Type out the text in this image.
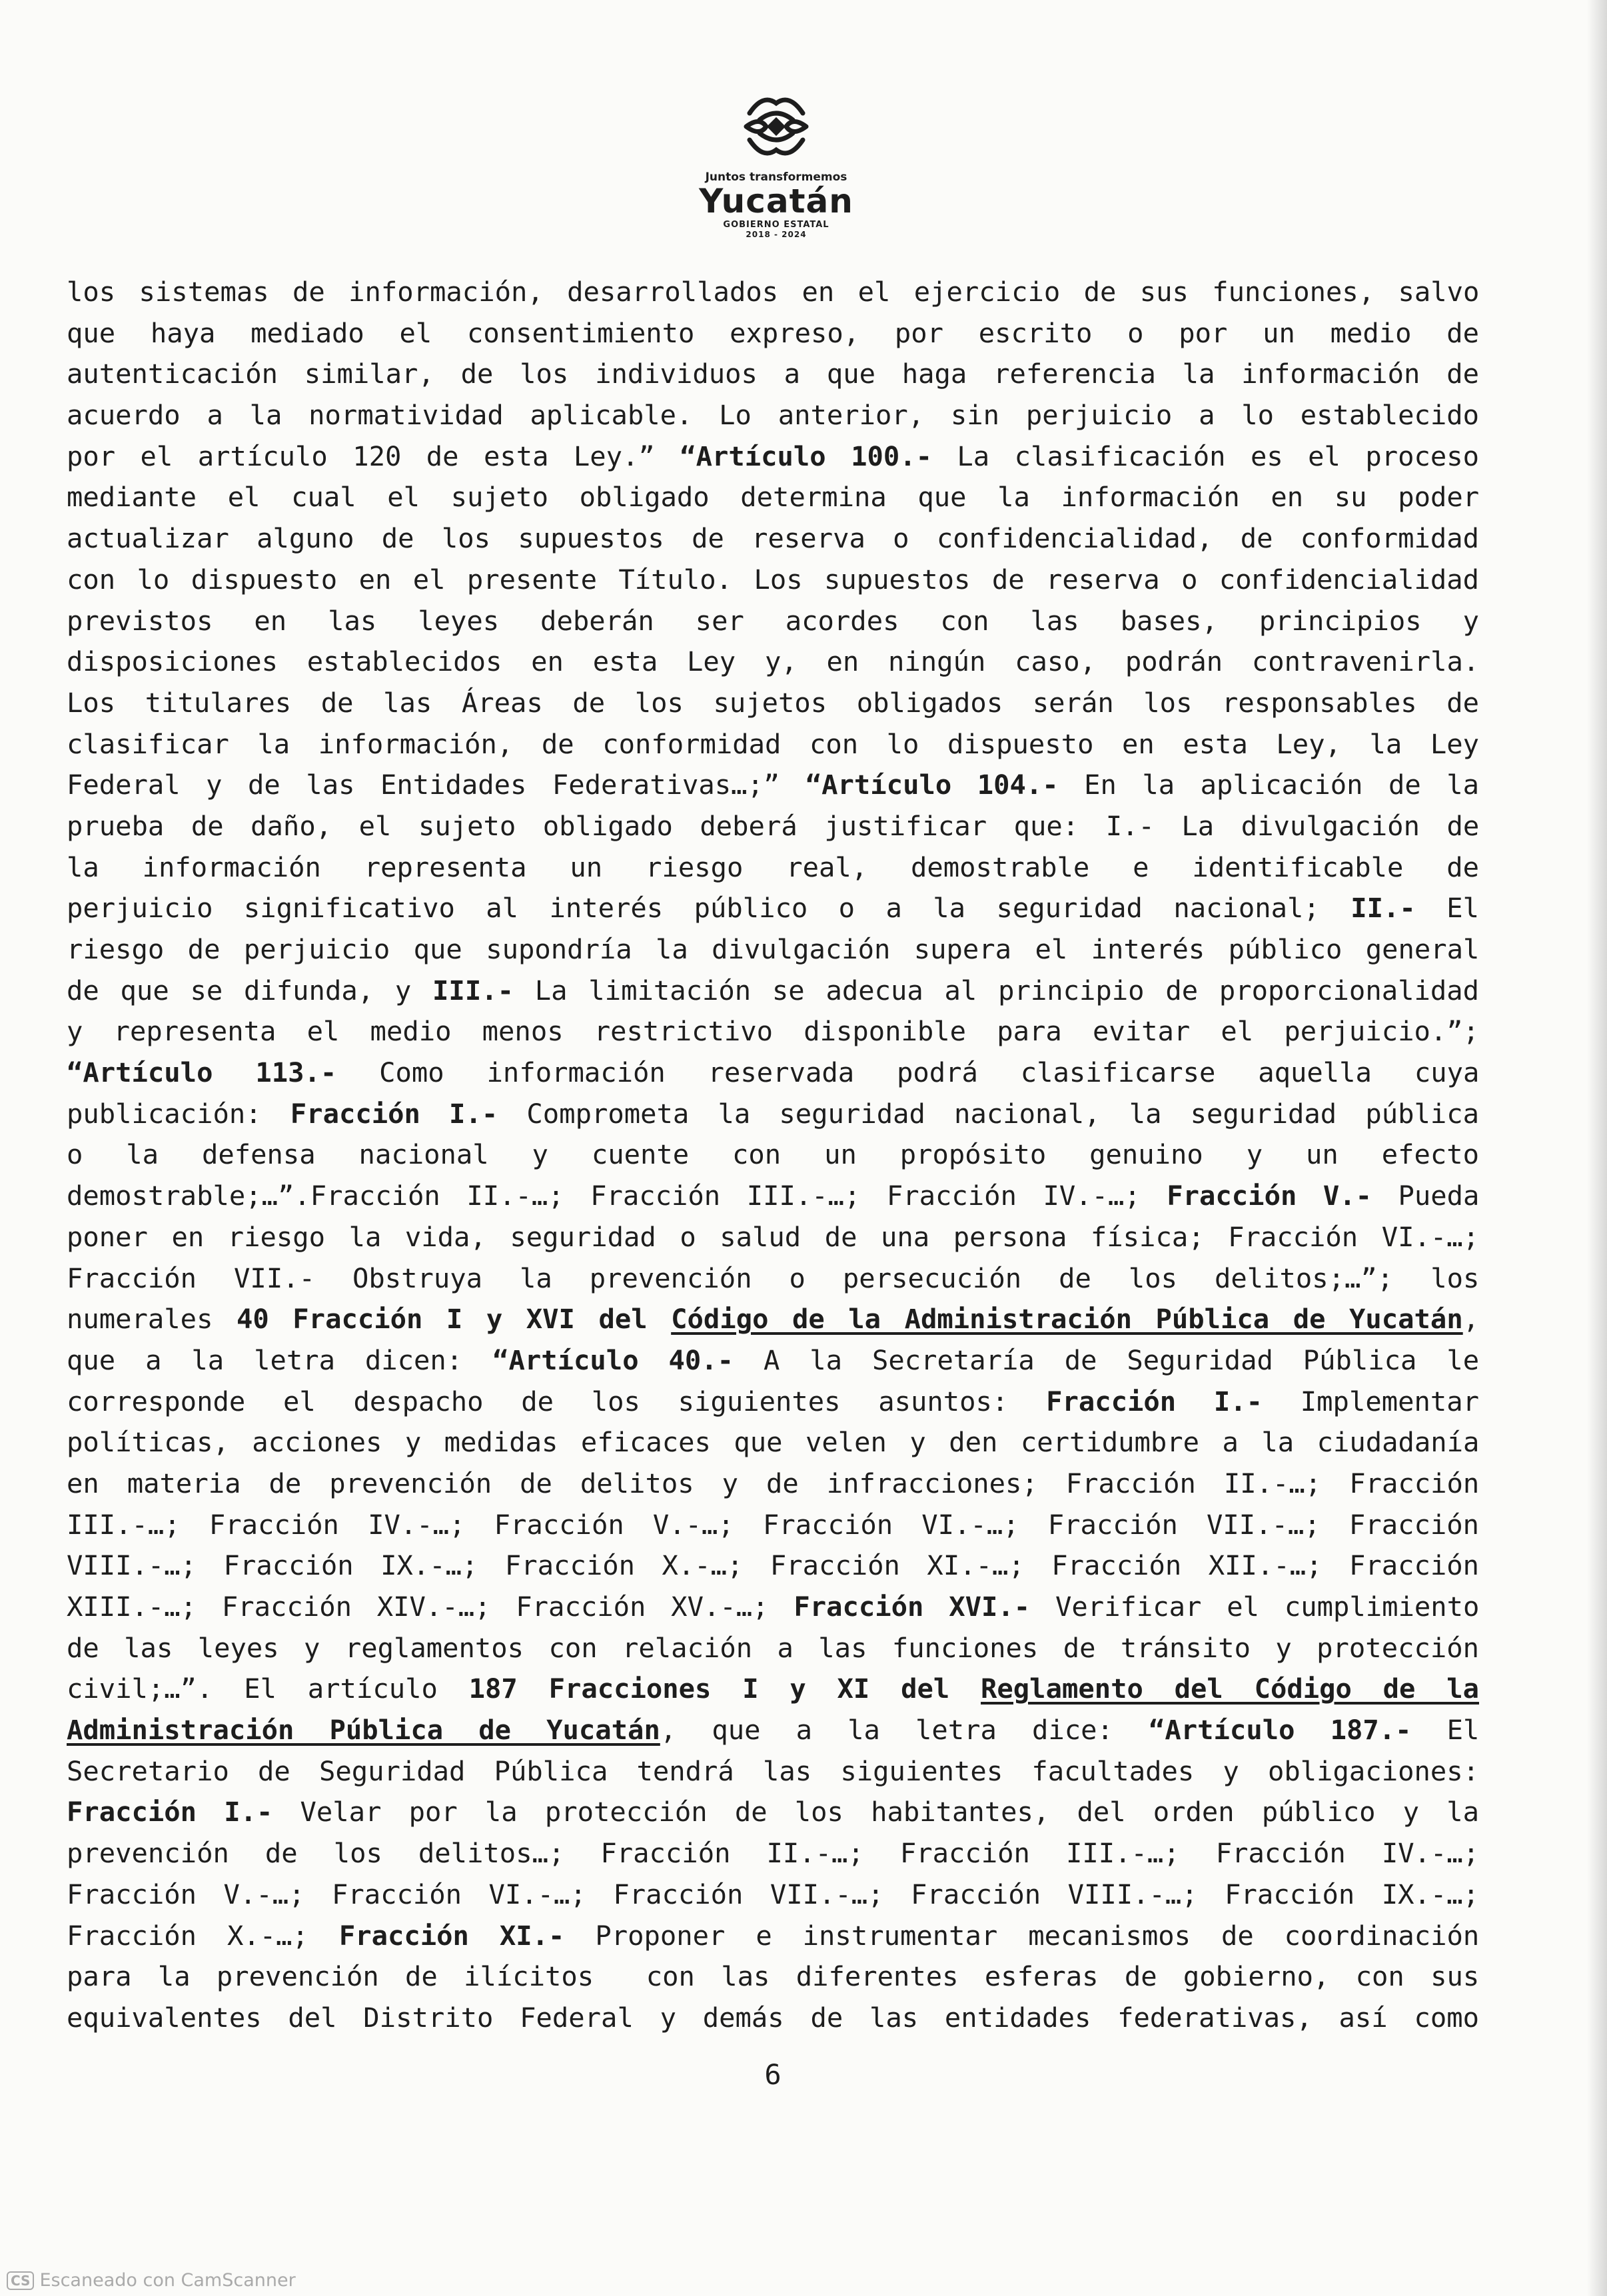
Juntos transformemos
Yucatán
GOBIERNO ESTATAL
2018 - 2024
los sistemas de información, desarrollados en el ejercicio de sus funciones, salvo
que haya mediado el consentimiento expreso, por escrito o por un medio de
autenticación similar, de los individuos a que haga referencia la información de
acuerdo a la normatividad aplicable. Lo anterior, sin perjuicio a lo establecido
por el artículo 120 de esta Ley.” “Artículo 100.- La clasificación es el proceso
mediante el cual el sujeto obligado determina que la información en su poder
actualizar alguno de los supuestos de reserva o confidencialidad, de conformidad
con lo dispuesto en el presente Título. Los supuestos de reserva o confidencialidad
previstos en las leyes deberán ser acordes con las bases, principios y
disposiciones establecidos en esta Ley y, en ningún caso, podrán contravenirla.
Los titulares de las Áreas de los sujetos obligados serán los responsables de
clasificar la información, de conformidad con lo dispuesto en esta Ley, la Ley
Federal y de las Entidades Federativas…;” “Artículo 104.- En la aplicación de la
prueba de daño, el sujeto obligado deberá justificar que: I.- La divulgación de
la información representa un riesgo real, demostrable e identificable de
perjuicio significativo al interés público o a la seguridad nacional; II.- El
riesgo de perjuicio que supondría la divulgación supera el interés público general
de que se difunda, y III.- La limitación se adecua al principio de proporcionalidad
y representa el medio menos restrictivo disponible para evitar el perjuicio.”;
“Artículo 113.- Como información reservada podrá clasificarse aquella cuya
publicación: Fracción I.- Comprometa la seguridad nacional, la seguridad pública
o la defensa nacional y cuente con un propósito genuino y un efecto
demostrable;…”.Fracción II.-…; Fracción III.-…; Fracción IV.-…; Fracción V.- Pueda
poner en riesgo la vida, seguridad o salud de una persona física; Fracción VI.-…;
Fracción VII.- Obstruya la prevención o persecución de los delitos;…”; los
numerales 40 Fracción I y XVI del Código de la Administración Pública de Yucatán,
que a la letra dicen: “Artículo 40.- A la Secretaría de Seguridad Pública le
corresponde el despacho de los siguientes asuntos: Fracción I.- Implementar
políticas, acciones y medidas eficaces que velen y den certidumbre a la ciudadanía
en materia de prevención de delitos y de infracciones; Fracción II.-…; Fracción
III.-…; Fracción IV.-…; Fracción V.-…; Fracción VI.-…; Fracción VII.-…; Fracción
VIII.-…; Fracción IX.-…; Fracción X.-…; Fracción XI.-…; Fracción XII.-…; Fracción
XIII.-…; Fracción XIV.-…; Fracción XV.-…; Fracción XVI.- Verificar el cumplimiento
de las leyes y reglamentos con relación a las funciones de tránsito y protección
civil;…”. El artículo 187 Fracciones I y XI del Reglamento del Código de la
Administración Pública de Yucatán, que a la letra dice: “Artículo 187.- El
Secretario de Seguridad Pública tendrá las siguientes facultades y obligaciones:
Fracción I.- Velar por la protección de los habitantes, del orden público y la
prevención de los delitos…; Fracción II.-…; Fracción III.-…; Fracción IV.-…;
Fracción V.-…; Fracción VI.-…; Fracción VII.-…; Fracción VIII.-…; Fracción IX.-…;
Fracción X.-…; Fracción XI.- Proponer e instrumentar mecanismos de coordinación
para la prevención de ilícitos  con las diferentes esferas de gobierno, con sus
equivalentes del Distrito Federal y demás de las entidades federativas, así como
6
CS Escaneado con CamScanner
